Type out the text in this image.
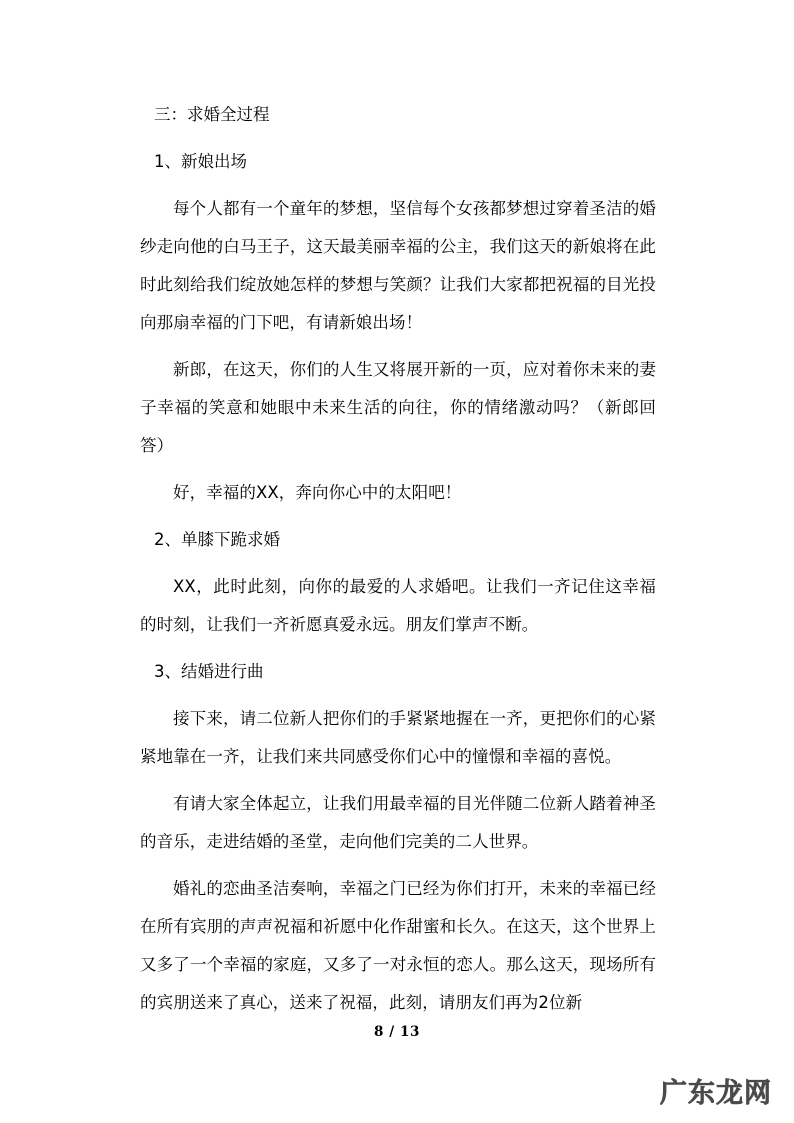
三：求婚全过程

1、新娘出场

每个人都有一个童年的梦想，坚信每个女孩都梦想过穿着圣洁的婚纱走向他的白马王子，这天最美丽幸福的公主，我们这天的新娘将在此时此刻给我们绽放她怎样的梦想与笑颜？让我们大家都把祝福的目光投向那扇幸福的门下吧，有请新娘出场！

新郎，在这天，你们的人生又将展开新的一页，应对着你未来的妻子幸福的笑意和她眼中未来生活的向往，你的情绪激动吗？（新郎回答）

好，幸福的XX，奔向你心中的太阳吧！

2、单膝下跪求婚

XX，此时此刻，向你的最爱的人求婚吧。让我们一齐记住这幸福的时刻，让我们一齐祈愿真爱永远。朋友们掌声不断。

3、结婚进行曲

接下来，请二位新人把你们的手紧紧地握在一齐，更把你们的心紧紧地靠在一齐，让我们来共同感受你们心中的憧憬和幸福的喜悦。

有请大家全体起立，让我们用最幸福的目光伴随二位新人踏着神圣的音乐，走进结婚的圣堂，走向他们完美的二人世界。

婚礼的恋曲圣洁奏响，幸福之门已经为你们打开，未来的幸福已经在所有宾朋的声声祝福和祈愿中化作甜蜜和长久。在这天，这个世界上又多了一个幸福的家庭，又多了一对永恒的恋人。那么这天，现场所有的宾朋送来了真心，送来了祝福，此刻，请朋友们再为2位新

8 / 13
广东龙网
